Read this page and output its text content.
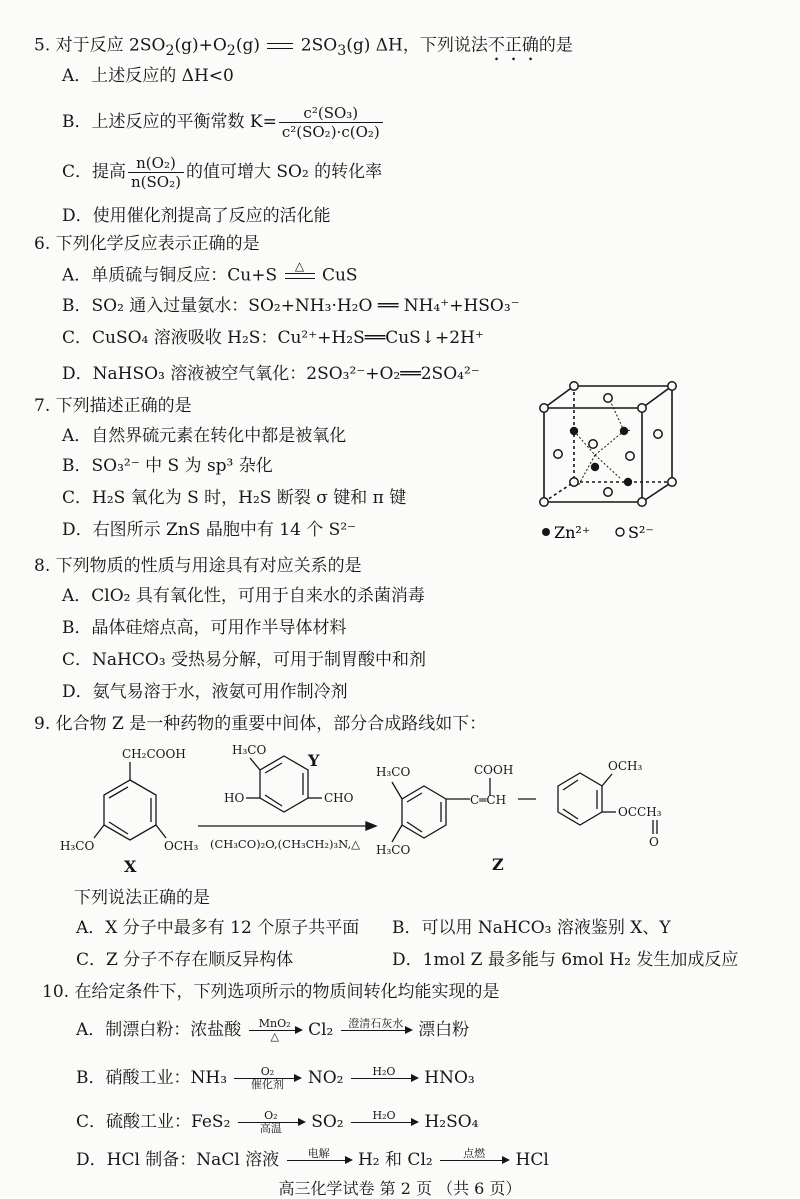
5. 对于反应 $2SO_2(g)+O_2(g)$

$2SO_3(g)$ ΔH，下列说法不正确的是
A．上述反应的 ΔH<0
B．上述反应的平衡常数 $K= \frac{\text{c²(SO₃)}}{\text{c²(SO₂)·c(O₂)}}$
C．提高 $\frac{\text{n(O₂)}}{\text{n(SO₂)}}$ 的值可增大 SO₂ 的转化率
D．使用催化剂提高了反应的活化能
6. 下列化学反应表示正确的是
A．单质硫与铜反应：Cu+S	△
	CuS
B．SO₂ 通入过量氨水：SO₂+NH₃·H₂O ══ NH₄⁺+HSO₃⁻
C．CuSO₄ 溶液吸收 H₂S：Cu²⁺+H₂S══CuS↓+2H⁺
D．NaHSO₃ 溶液被空气氧化：2SO₃²⁻+O₂══2SO₄²⁻
7. 下列描述正确的是
A．自然界硫元素在转化中都是被氧化
B．SO₃²⁻ 中 S 为 sp³ 杂化
C．H₂S 氧化为 S 时，H₂S 断裂 σ 键和 π 键
D．右图所示 ZnS 晶胞中有 14 个 S²⁻	Zn²⁺ S²⁻
8. 下列物质的性质与用途具有对应关系的是
A．ClO₂ 具有氧化性，可用于自来水的杀菌消毒
B．晶体硅熔点高，可用作半导体材料
C．NaHCO₃ 受热易分解，可用于制胃酸中和剂
D．氨气易溶于水，液氨可用作制冷剂
9. 化合物 Z 是一种药物的重要中间体，部分合成路线如下：
CH₂COOH
H₃CO	OCH₃
H₃CO
HO	CHO
(CH₃CO)₂O,(CH₃CH₂)₃N,△
H₃CO
H₃CO
COOH
C═CH
OCH₃
OCCH₃
O
X
Y
Z
下列说法正确的是
A．X 分子中最多有 12 个原子共平面 B．可以用 NaHCO₃ 溶液鉴别 X、Y
C．Z 分子不存在顺反异构体	D．1mol Z 最多能与 6mol H₂ 发生加成反应
10. 在给定条件下，下列选项所示的物质间转化均能实现的是
A．制漂白粉：浓盐酸	MnO₂
△	Cl₂	澄清石灰水 漂白粉
B．硝酸工业：NH₃	O₂
催化剂	NO₂	H₂O	HNO₃
C．硫酸工业：FeS₂	O₂
高温	SO₂	H₂O	H₂SO₄
D．HCl 制备：NaCl 溶液	电解	H₂ 和 Cl₂	点燃	HCl
高三化学试卷 第 2 页 （共 6 页）
